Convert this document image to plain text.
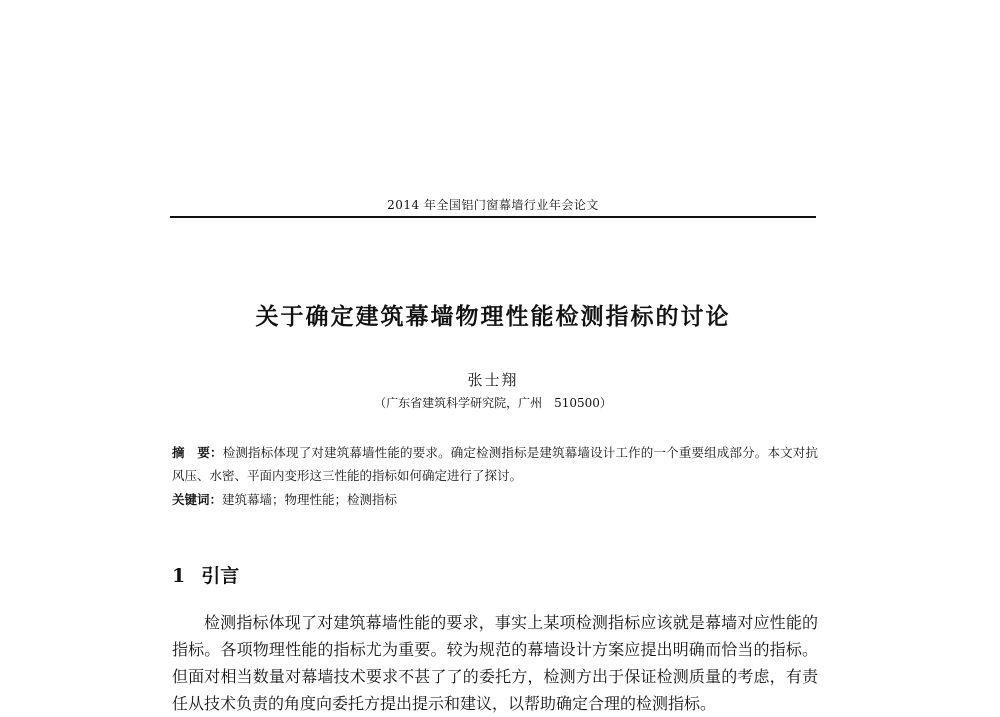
2014 年全国铝门窗幕墙行业年会论文
关于确定建筑幕墙物理性能检测指标的讨论
张士翔
（广东省建筑科学研究院，广州　510500）
摘　要：检测指标体现了对建筑幕墙性能的要求。确定检测指标是建筑幕墙设计工作的一个重要组成部分。本文对抗风压、水密、平面内变形这三性能的指标如何确定进行了探讨。
关键词：建筑幕墙；物理性能；检测指标
1 引言
检测指标体现了对建筑幕墙性能的要求，事实上某项检测指标应该就是幕墙对应性能的指标。各项物理性能的指标尤为重要。较为规范的幕墙设计方案应提出明确而恰当的指标。但面对相当数量对幕墙技术要求不甚了了的委托方，检测方出于保证检测质量的考虑，有责任从技术负责的角度向委托方提出提示和建议，以帮助确定合理的检测指标。
